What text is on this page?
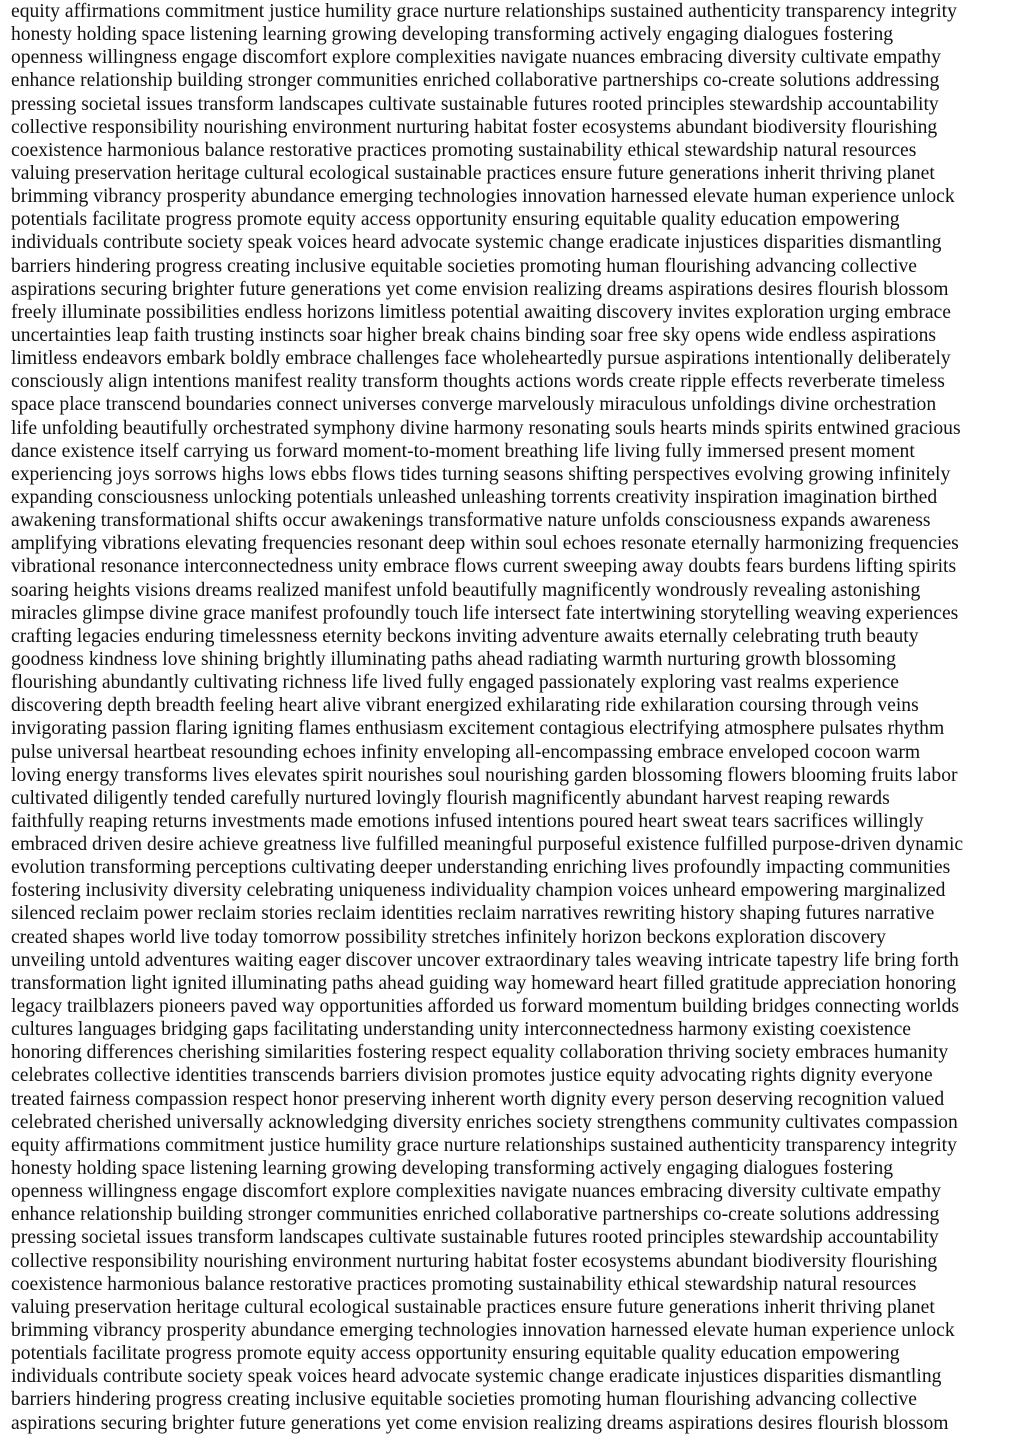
equity affirmations commitment justice humility grace nurture relationships sustained authenticity transparency integrity
honesty holding space listening learning growing developing transforming actively engaging dialogues fostering
openness willingness engage discomfort explore complexities navigate nuances embracing diversity cultivate empathy
enhance relationship building stronger communities enriched collaborative partnerships co-create solutions addressing
pressing societal issues transform landscapes cultivate sustainable futures rooted principles stewardship accountability
collective responsibility nourishing environment nurturing habitat foster ecosystems abundant biodiversity flourishing
coexistence harmonious balance restorative practices promoting sustainability ethical stewardship natural resources
valuing preservation heritage cultural ecological sustainable practices ensure future generations inherit thriving planet
brimming vibrancy prosperity abundance emerging technologies innovation harnessed elevate human experience unlock
potentials facilitate progress promote equity access opportunity ensuring equitable quality education empowering
individuals contribute society speak voices heard advocate systemic change eradicate injustices disparities dismantling
barriers hindering progress creating inclusive equitable societies promoting human flourishing advancing collective
aspirations securing brighter future generations yet come envision realizing dreams aspirations desires flourish blossom
freely illuminate possibilities endless horizons limitless potential awaiting discovery invites exploration urging embrace
uncertainties leap faith trusting instincts soar higher break chains binding soar free sky opens wide endless aspirations
limitless endeavors embark boldly embrace challenges face wholeheartedly pursue aspirations intentionally deliberately
consciously align intentions manifest reality transform thoughts actions words create ripple effects reverberate timeless
space place transcend boundaries connect universes converge marvelously miraculous unfoldings divine orchestration
life unfolding beautifully orchestrated symphony divine harmony resonating souls hearts minds spirits entwined gracious
dance existence itself carrying us forward moment-to-moment breathing life living fully immersed present moment
experiencing joys sorrows highs lows ebbs flows tides turning seasons shifting perspectives evolving growing infinitely
expanding consciousness unlocking potentials unleashed unleashing torrents creativity inspiration imagination birthed
awakening transformational shifts occur awakenings transformative nature unfolds consciousness expands awareness
amplifying vibrations elevating frequencies resonant deep within soul echoes resonate eternally harmonizing frequencies
vibrational resonance interconnectedness unity embrace flows current sweeping away doubts fears burdens lifting spirits
soaring heights visions dreams realized manifest unfold beautifully magnificently wondrously revealing astonishing
miracles glimpse divine grace manifest profoundly touch life intersect fate intertwining storytelling weaving experiences
crafting legacies enduring timelessness eternity beckons inviting adventure awaits eternally celebrating truth beauty
goodness kindness love shining brightly illuminating paths ahead radiating warmth nurturing growth blossoming
flourishing abundantly cultivating richness life lived fully engaged passionately exploring vast realms experience
discovering depth breadth feeling heart alive vibrant energized exhilarating ride exhilaration coursing through veins
invigorating passion flaring igniting flames enthusiasm excitement contagious electrifying atmosphere pulsates rhythm
pulse universal heartbeat resounding echoes infinity enveloping all-encompassing embrace enveloped cocoon warm
loving energy transforms lives elevates spirit nourishes soul nourishing garden blossoming flowers blooming fruits labor
cultivated diligently tended carefully nurtured lovingly flourish magnificently abundant harvest reaping rewards
faithfully reaping returns investments made emotions infused intentions poured heart sweat tears sacrifices willingly
embraced driven desire achieve greatness live fulfilled meaningful purposeful existence fulfilled purpose-driven dynamic
evolution transforming perceptions cultivating deeper understanding enriching lives profoundly impacting communities
fostering inclusivity diversity celebrating uniqueness individuality champion voices unheard empowering marginalized
silenced reclaim power reclaim stories reclaim identities reclaim narratives rewriting history shaping futures narrative
created shapes world live today tomorrow possibility stretches infinitely horizon beckons exploration discovery
unveiling untold adventures waiting eager discover uncover extraordinary tales weaving intricate tapestry life bring forth
transformation light ignited illuminating paths ahead guiding way homeward heart filled gratitude appreciation honoring
legacy trailblazers pioneers paved way opportunities afforded us forward momentum building bridges connecting worlds
cultures languages bridging gaps facilitating understanding unity interconnectedness harmony existing coexistence
honoring differences cherishing similarities fostering respect equality collaboration thriving society embraces humanity
celebrates collective identities transcends barriers division promotes justice equity advocating rights dignity everyone
treated fairness compassion respect honor preserving inherent worth dignity every person deserving recognition valued
celebrated cherished universally acknowledging diversity enriches society strengthens community cultivates compassion
equity affirmations commitment justice humility grace nurture relationships sustained authenticity transparency integrity
honesty holding space listening learning growing developing transforming actively engaging dialogues fostering
openness willingness engage discomfort explore complexities navigate nuances embracing diversity cultivate empathy
enhance relationship building stronger communities enriched collaborative partnerships co-create solutions addressing
pressing societal issues transform landscapes cultivate sustainable futures rooted principles stewardship accountability
collective responsibility nourishing environment nurturing habitat foster ecosystems abundant biodiversity flourishing
coexistence harmonious balance restorative practices promoting sustainability ethical stewardship natural resources
valuing preservation heritage cultural ecological sustainable practices ensure future generations inherit thriving planet
brimming vibrancy prosperity abundance emerging technologies innovation harnessed elevate human experience unlock
potentials facilitate progress promote equity access opportunity ensuring equitable quality education empowering
individuals contribute society speak voices heard advocate systemic change eradicate injustices disparities dismantling
barriers hindering progress creating inclusive equitable societies promoting human flourishing advancing collective
aspirations securing brighter future generations yet come envision realizing dreams aspirations desires flourish blossom
